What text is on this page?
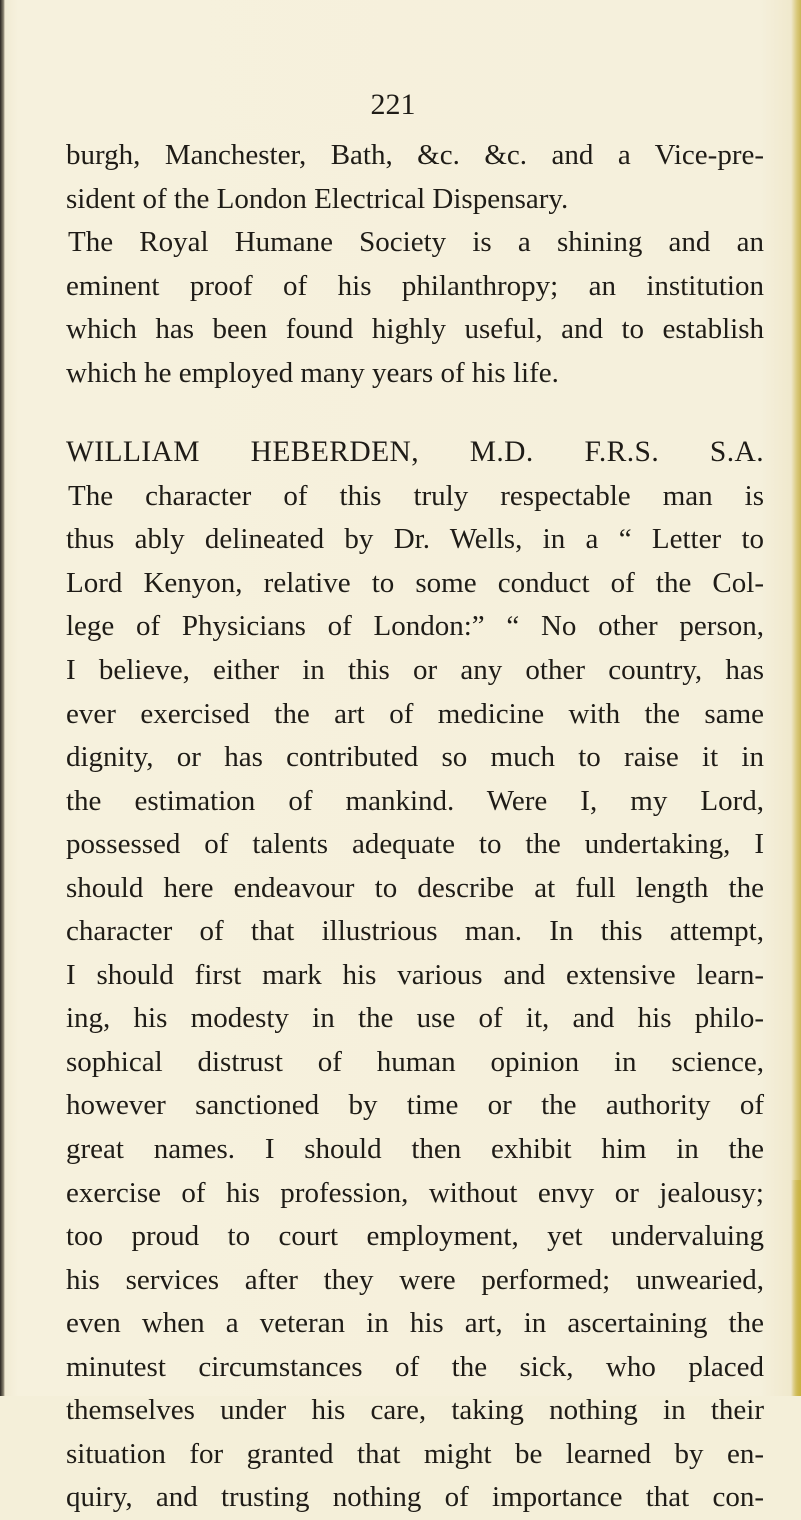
221
burgh, Manchester, Bath, &c. &c. and a Vice-pre-
sident of the London Electrical Dispensary.
The Royal Humane Society is a shining and an
eminent proof of his philanthropy; an institution
which has been found highly useful, and to establish
which he employed many years of his life.
WILLIAM HEBERDEN, M.D. F.R.S. S.A.
The character of this truly respectable man is
thus ably delineated by Dr. Wells, in a “ Letter to
Lord Kenyon, relative to some conduct of the Col-
lege of Physicians of London:” “ No other person,
I believe, either in this or any other country, has
ever exercised the art of medicine with the same
dignity, or has contributed so much to raise it in
the estimation of mankind. Were I, my Lord,
possessed of talents adequate to the undertaking, I
should here endeavour to describe at full length the
character of that illustrious man. In this attempt,
I should first mark his various and extensive learn-
ing, his modesty in the use of it, and his philo-
sophical distrust of human opinion in science,
however sanctioned by time or the authority of
great names. I should then exhibit him in the
exercise of his profession, without envy or jealousy;
too proud to court employment, yet undervaluing
his services after they were performed; unwearied,
even when a veteran in his art, in ascertaining the
minutest circumstances of the sick, who placed
themselves under his care, taking nothing in their
situation for granted that might be learned by en-
quiry, and trusting nothing of importance that con-
